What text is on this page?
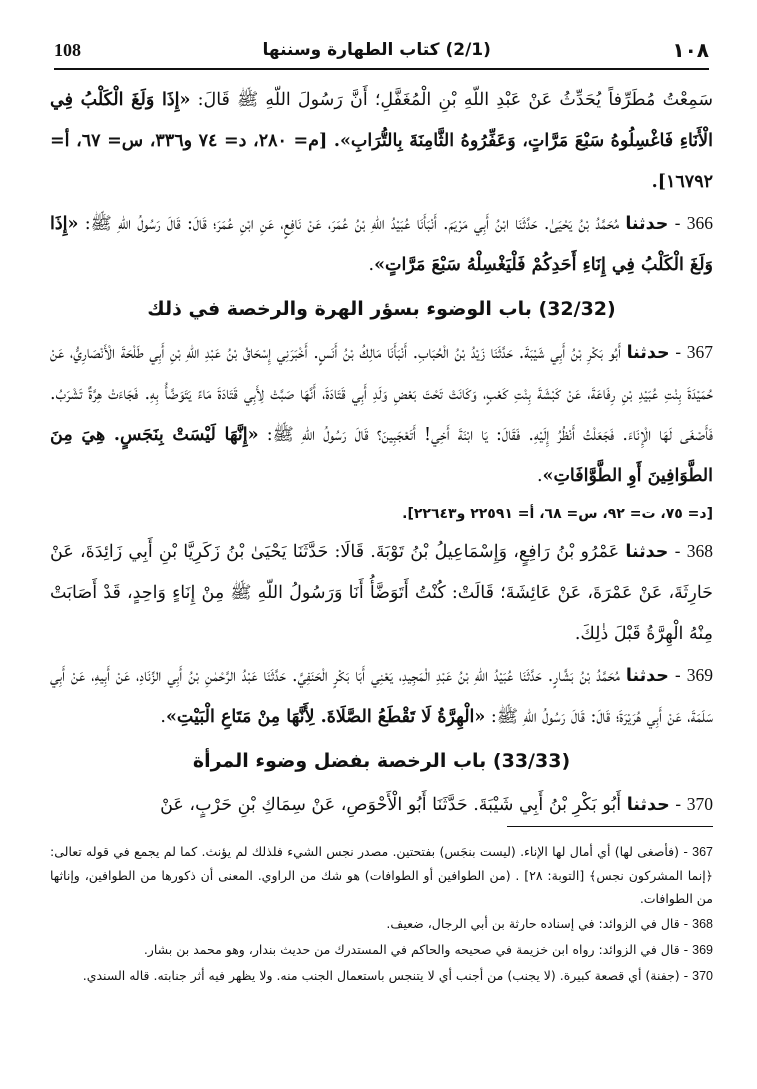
١٠٨
(2/1) كتاب الطهارة وسننها
108

سَمِعْتُ مُطَرِّفاً يُحَدِّثُ عَنْ عَبْدِ اللّهِ بْنِ الْمُغَفَّلِ؛ أَنَّ رَسُولَ اللّهِ ﷺ قَالَ: «إِذَا وَلَغَ الْكَلْبُ فِي الْأَنَاءِ فَاغْسِلُوهُ سَبْعَ مَرَّاتٍ، وَعَفِّرُوهُ الثَّامِنَةَ بِالتُّرَابِ». [م= ٢٨٠، د= ٧٤ و٣٣٦، س= ٦٧، أ= ١٦٧٩٢].

366 - حدثنا مُحَمَّدُ بْنُ يَحْيَىٰ. حَدَّثَنَا ابْنُ أَبِي مَرْيَمَ. أَنْبَأَنَا عُبَيْدُ اللّهِ بْنُ عُمَرَ، عَنْ نَافِعٍ، عَنِ ابْنِ عُمَرَ؛ قَالَ: قَالَ رَسُولُ اللّهِ ﷺ: «إِذَا وَلَغَ الْكَلْبُ فِي إِنَاءِ أَحَدِكُمْ فَلْيَغْسِلْهُ سَبْعَ مَرَّاتٍ».

(32/32) باب الوضوء بسؤر الهرة والرخصة في ذلك

367 - حدثنا أَبُو بَكْرِ بْنُ أَبِي شَيْبَةَ. حَدَّثَنَا زَيْدُ بْنُ الْحُبَابِ. أَنْبَأَنَا مَالِكُ بْنُ أَنَسٍ. أَخْبَرَنِي إِسْحَاقُ بْنُ عَبْدِ اللّهِ بْنِ أَبِي طَلْحَةَ الْأَنْصَارِيُّ، عَنْ حُمَيْدَةَ بِنْتِ عُبَيْدِ بْنِ رِفَاعَةَ، عَنْ كَبْشَةَ بِنْتِ كَعْبٍ، وَكَانَتْ تَحْتَ بَعْضِ وَلَدِ أَبِي قَتَادَةَ، أَنَّهَا صَبَّتْ لِأَبِي قَتَادَةَ مَاءً يَتَوَضَّأُ بِهِ. فَجَاءَتْ هِرَّةٌ تَشْرَبُ. فَأَصْغَى لَهَا الْإِنَاءَ. فَجَعَلْتُ أَنْظُرُ إِلَيْهِ. فَقَالَ: يَا ابْنَةَ أَخِي! أَتَعْجَبِينَ؟ قَالَ رَسُولُ اللّهِ ﷺ: «إِنَّهَا لَيْسَتْ بِنَجَسٍ. هِيَ مِنَ الطَّوَافِينَ أَوِ الطَّوَّافَاتِ».

[د= ٧٥، ت= ٩٢، س= ٦٨، أ= ٢٢٥٩١ و٢٢٦٤٣].

368 - حدثنا عَمْرُو بْنُ رَافِعٍ، وَإِسْمَاعِيلُ بْنُ تَوْبَةَ. قَالَا: حَدَّثَنَا يَحْيَىٰ بْنُ زَكَرِيَّا بْنِ أَبِي زَائِدَةَ، عَنْ حَارِثَةَ، عَنْ عَمْرَةَ، عَنْ عَائِشَةَ؛ قَالَتْ: كُنْتُ أَتَوَضَّأُ أَنَا وَرَسُولُ اللّهِ ﷺ مِنْ إِنَاءٍ وَاحِدٍ، قَدْ أَصَابَتْ مِنْهُ الْهِرَّةُ قَبْلَ ذٰلِكَ.

369 - حدثنا مُحَمَّدُ بْنُ بَشَّارٍ. حَدَّثَنَا عُبَيْدُ اللّهِ بْنُ عَبْدِ الْمَجِيدِ، يَعْنِي أَبَا بَكْرٍ الْحَنَفِيَّ. حَدَّثَنَا عَبْدُ الرَّحْمٰنِ بْنُ أَبِي الزِّنَادِ، عَنْ أَبِيهِ، عَنْ أَبِي سَلَمَةَ، عَنْ أَبِي هُرَيْرَةَ؛ قَالَ: قَالَ رَسُولُ اللّهِ ﷺ: «الْهِرَّةُ لَا تَقْطَعُ الصَّلَاةَ. لِأَنَّهَا مِنْ مَتَاعِ الْبَيْتِ».

(33/33) باب الرخصة بفضل وضوء المرأة

370 - حدثنا أَبُو بَكْرِ بْنُ أَبِي شَيْبَةَ. حَدَّثَنَا أَبُو الْأَحْوَصِ، عَنْ سِمَاكِ بْنِ حَرْبٍ، عَنْ

367 - (فأصغى لها) أي أمال لها الإناء. (ليست بنجَس) بفتحتين. مصدر نجس الشيء فلذلك لم يؤنث. كما لم يجمع في قوله تعالى: ﴿إنما المشركون نجس﴾ [التوبة: ٢٨] . (من الطوافين أو الطوافات) هو شك من الراوي. المعنى أن ذكورها من الطوافين، وإناثها من الطوافات.

368 - قال في الزوائد: في إسناده حارثة بن أبي الرجال، ضعيف.

369 - قال في الزوائد: رواه ابن خزيمة في صحيحه والحاكم في المستدرك من حديث بندار، وهو محمد بن بشار.

370 - (جفنة) أي قصعة كبيرة. (لا يجنب) من أجنب أي لا يتنجس باستعمال الجنب منه. ولا يظهر فيه أثر جنابته. قاله السندي.
